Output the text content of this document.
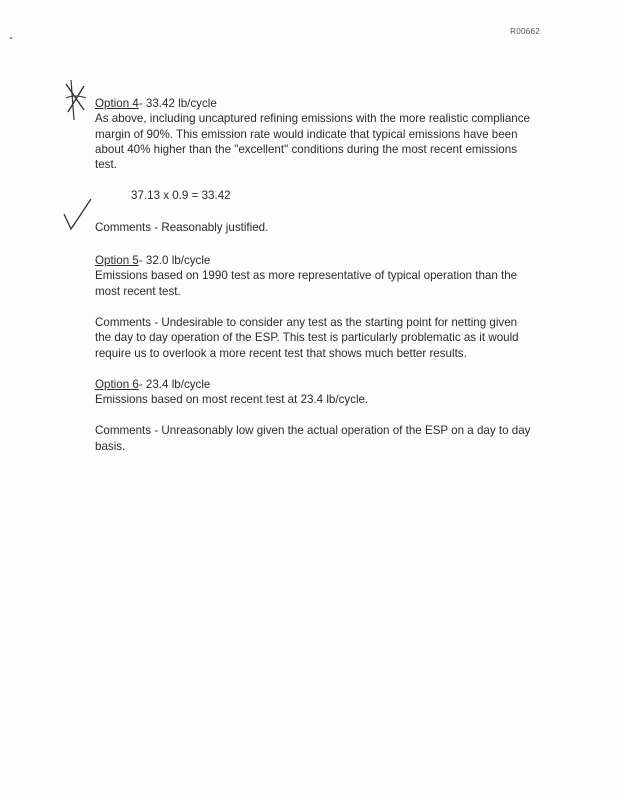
R00662
Option 4- 33.42 lb/cycle
As above, including uncaptured refining emissions with the more realistic compliance margin of 90%. This emission rate would indicate that typical emissions have been about 40% higher than the "excellent" conditions during the most recent emissions test.
37.13 x 0.9 = 33.42
Comments - Reasonably justified.
Option 5- 32.0 lb/cycle
Emissions based on 1990 test as more representative of typical operation than the most recent test.
Comments - Undesirable to consider any test as the starting point for netting given the day to day operation of the ESP. This test is particularly problematic as it would require us to overlook a more recent test that shows much better results.
Option 6- 23.4 lb/cycle
Emissions based on most recent test at 23.4 lb/cycle.
Comments - Unreasonably low given the actual operation of the ESP on a day to day basis.
